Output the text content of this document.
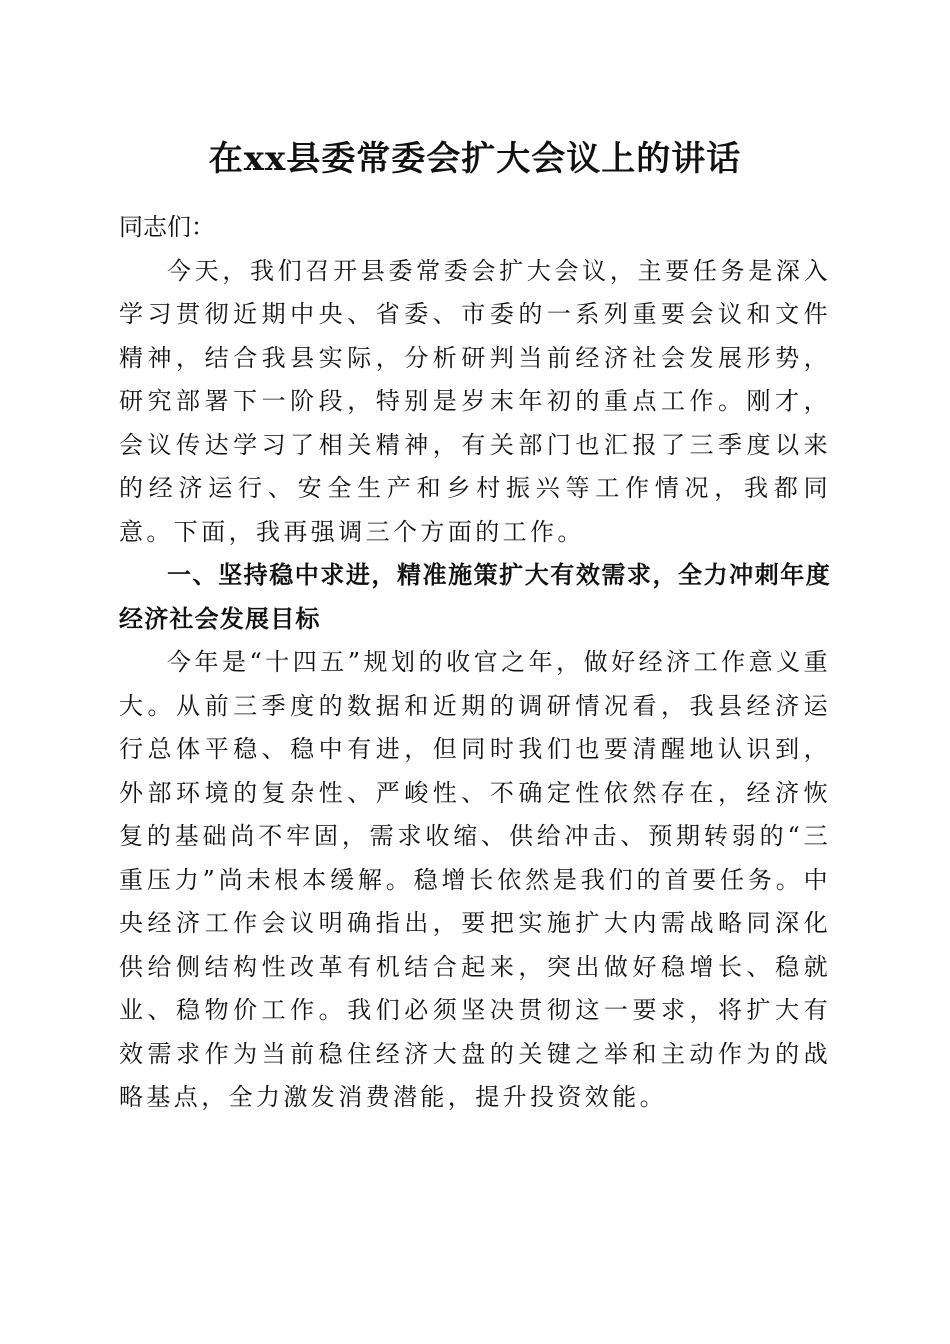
在xx县委常委会扩大会议上的讲话

同志们：

今天，我们召开县委常委会扩大会议，主要任务是深入学习贯彻近期中央、省委、市委的一系列重要会议和文件精神，结合我县实际，分析研判当前经济社会发展形势，研究部署下一阶段，特别是岁末年初的重点工作。刚才，会议传达学习了相关精神，有关部门也汇报了三季度以来的经济运行、安全生产和乡村振兴等工作情况，我都同意。下面，我再强调三个方面的工作。

一、坚持稳中求进，精准施策扩大有效需求，全力冲刺年度经济社会发展目标

今年是“十四五”规划的收官之年，做好经济工作意义重大。从前三季度的数据和近期的调研情况看，我县经济运行总体平稳、稳中有进，但同时我们也要清醒地认识到，外部环境的复杂性、严峻性、不确定性依然存在，经济恢复的基础尚不牢固，需求收缩、供给冲击、预期转弱的“三重压力”尚未根本缓解。稳增长依然是我们的首要任务。中央经济工作会议明确指出，要把实施扩大内需战略同深化供给侧结构性改革有机结合起来，突出做好稳增长、稳就业、稳物价工作。我们必须坚决贯彻这一要求，将扩大有效需求作为当前稳住经济大盘的关键之举和主动作为的战略基点，全力激发消费潜能，提升投资效能。
